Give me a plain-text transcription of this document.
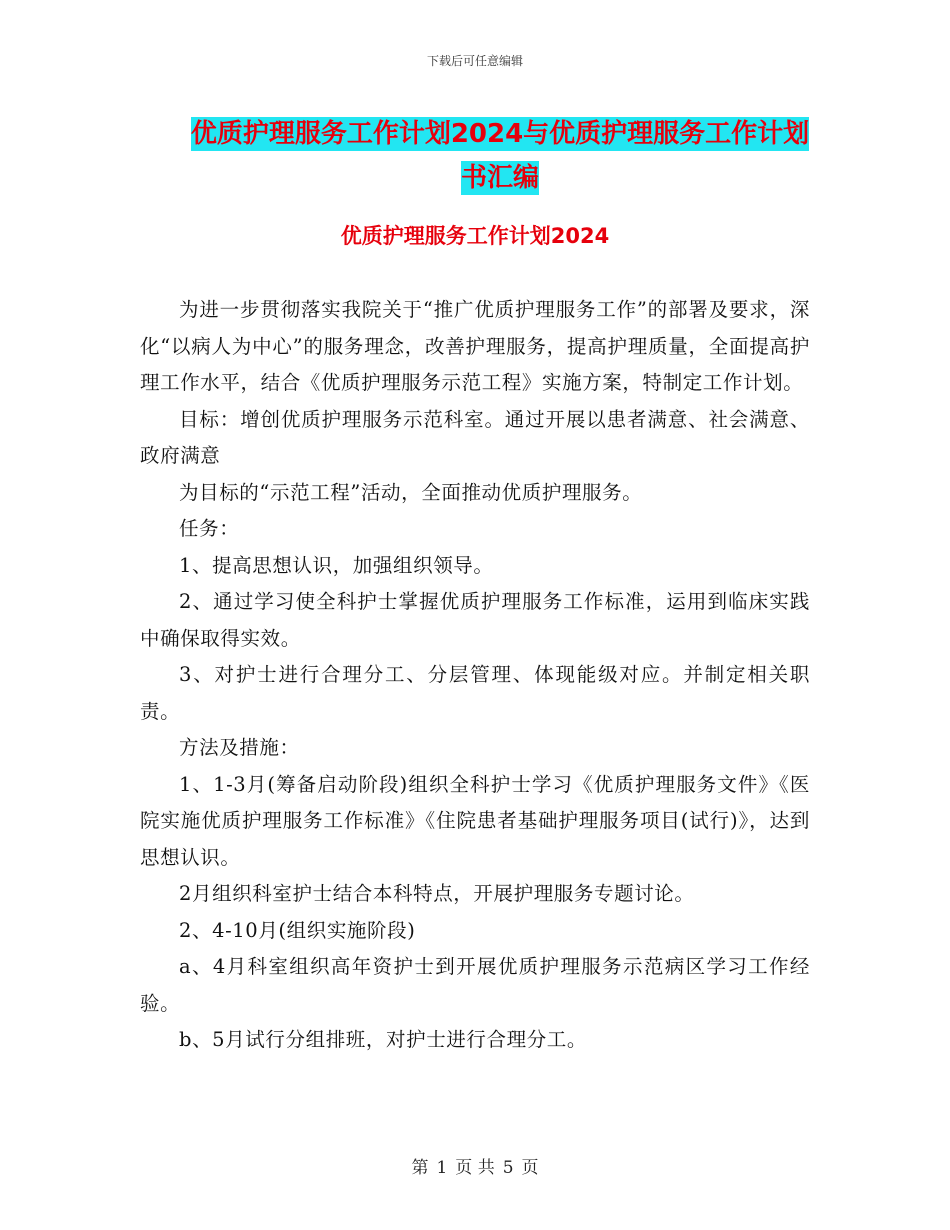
下载后可任意编辑
优质护理服务工作计划2024与优质护理服务工作计划
书汇编
优质护理服务工作计划2024

为进一步贯彻落实我院关于“推广优质护理服务工作”的部署及要求，深化“以病人为中心”的服务理念，改善护理服务，提高护理质量，全面提高护理工作水平，结合《优质护理服务示范工程》实施方案，特制定工作计划。

目标：增创优质护理服务示范科室。通过开展以患者满意、社会满意、政府满意

为目标的“示范工程”活动，全面推动优质护理服务。

任务：

1、提高思想认识，加强组织领导。

2、通过学习使全科护士掌握优质护理服务工作标准，运用到临床实践中确保取得实效。

3、对护士进行合理分工、分层管理、体现能级对应。并制定相关职责。

方法及措施：

1、1-3月(筹备启动阶段)组织全科护士学习《优质护理服务文件》《医院实施优质护理服务工作标准》《住院患者基础护理服务项目(试行)》，达到思想认识。

2月组织科室护士结合本科特点，开展护理服务专题讨论。

2、4-10月(组织实施阶段)

a、4月科室组织高年资护士到开展优质护理服务示范病区学习工作经验。

b、5月试行分组排班，对护士进行合理分工。

第 1 页 共 5 页
